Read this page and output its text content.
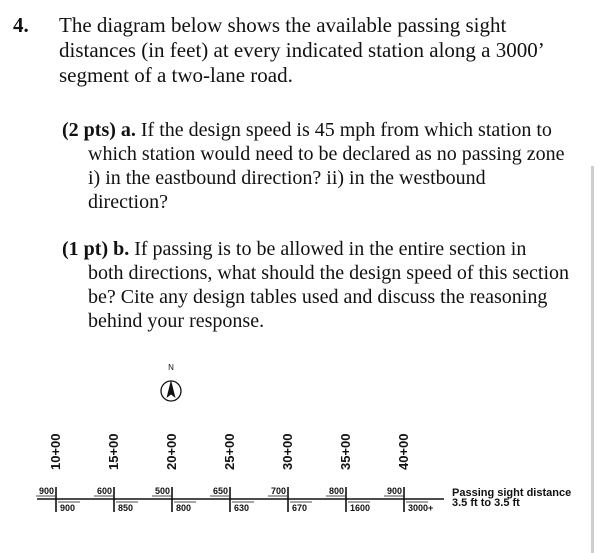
4. The diagram below shows the available passing sight
distances (in feet) at every indicated station along a 3000’
segment of a two-lane road.
(2 pts) a. If the design speed is 45 mph from which station to
which station would need to be declared as no passing zone
i) in the eastbound direction? ii) in the westbound
direction?
(1 pt) b. If passing is to be allowed in the entire section in
both directions, what should the design speed of this section
be? Cite any design tables used and discuss the reasoning
behind your response.
N
10+00
900
900
15+00
600
850
20+00
500
800
25+00
650
630
30+00
700
670
35+00
800
1600
40+00
900
3000+
Passing sight distance
3.5 ft to 3.5 ft
